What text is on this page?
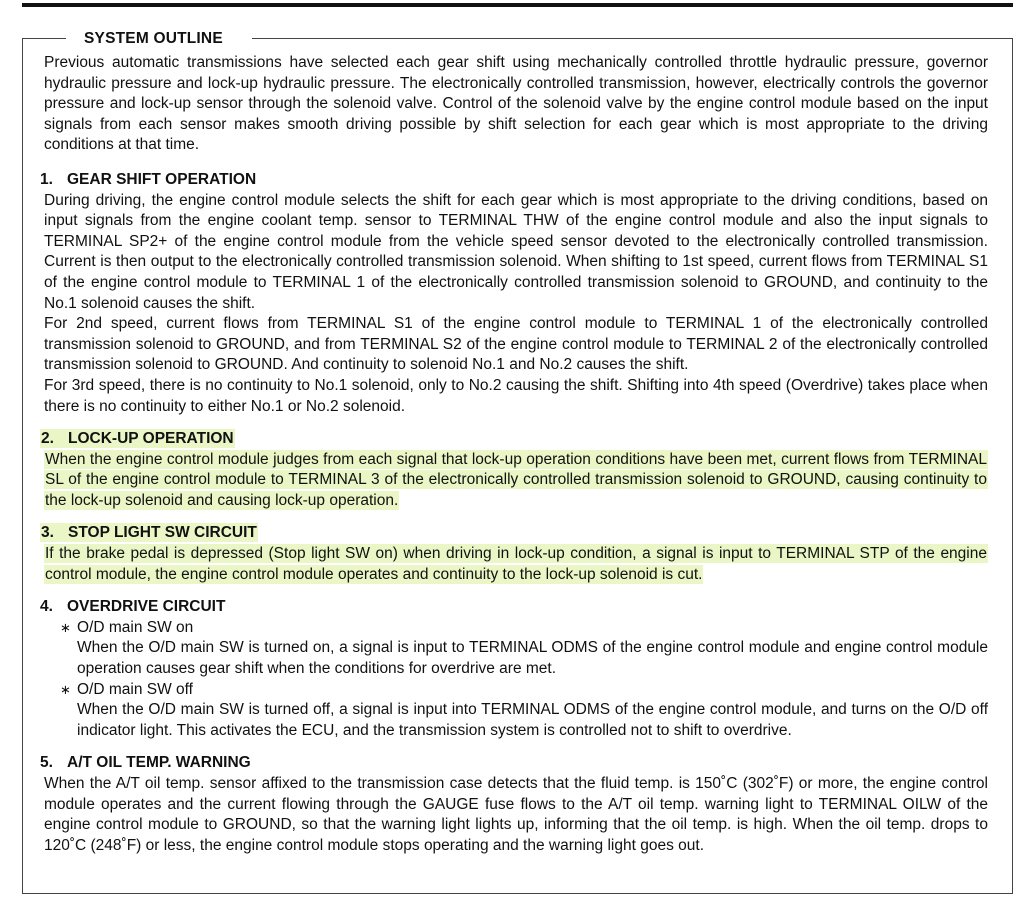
SYSTEM OUTLINE

Previous automatic transmissions have selected each gear shift using mechanically controlled throttle hydraulic pressure, governor hydraulic pressure and lock-up hydraulic pressure. The electronically controlled transmission, however, electrically controls the governor pressure and lock-up sensor through the solenoid valve. Control of the solenoid valve by the engine control module based on the input signals from each sensor makes smooth driving possible by shift selection for each gear which is most appropriate to the driving conditions at that time.

1. GEAR SHIFT OPERATION

During driving, the engine control module selects the shift for each gear which is most appropriate to the driving conditions, based on input signals from the engine coolant temp. sensor to TERMINAL THW of the engine control module and also the input signals to TERMINAL SP2+ of the engine control module from the vehicle speed sensor devoted to the electronically controlled transmission. Current is then output to the electronically controlled transmission solenoid. When shifting to 1st speed, current flows from TERMINAL S1 of the engine control module to TERMINAL 1 of the electronically controlled transmission solenoid to GROUND, and continuity to the No.1 solenoid causes the shift.

For 2nd speed, current flows from TERMINAL S1 of the engine control module to TERMINAL 1 of the electronically controlled transmission solenoid to GROUND, and from TERMINAL S2 of the engine control module to TERMINAL 2 of the electronically controlled transmission solenoid to GROUND. And continuity to solenoid No.1 and No.2 causes the shift.

For 3rd speed, there is no continuity to No.1 solenoid, only to No.2 causing the shift. Shifting into 4th speed (Overdrive) takes place when there is no continuity to either No.1 or No.2 solenoid.

2. LOCK-UP OPERATION

When the engine control module judges from each signal that lock-up operation conditions have been met, current flows from TERMINAL SL of the engine control module to TERMINAL 3 of the electronically controlled transmission solenoid to GROUND, causing continuity to the lock-up solenoid and causing lock-up operation.

3. STOP LIGHT SW CIRCUIT

If the brake pedal is depressed (Stop light SW on) when driving in lock-up condition, a signal is input to TERMINAL STP of the engine control module, the engine control module operates and continuity to the lock-up solenoid is cut.

4. OVERDRIVE CIRCUIT

∗ O/D main SW on

When the O/D main SW is turned on, a signal is input to TERMINAL ODMS of the engine control module and engine control module operation causes gear shift when the conditions for overdrive are met.

∗ O/D main SW off

When the O/D main SW is turned off, a signal is input into TERMINAL ODMS of the engine control module, and turns on the O/D off indicator light. This activates the ECU, and the transmission system is controlled not to shift to overdrive.

5. A/T OIL TEMP. WARNING

When the A/T oil temp. sensor affixed to the transmission case detects that the fluid temp. is 150˚C (302˚F) or more, the engine control module operates and the current flowing through the GAUGE fuse flows to the A/T oil temp. warning light to TERMINAL OILW of the engine control module to GROUND, so that the warning light lights up, informing that the oil temp. is high. When the oil temp. drops to 120˚C (248˚F) or less, the engine control module stops operating and the warning light goes out.
